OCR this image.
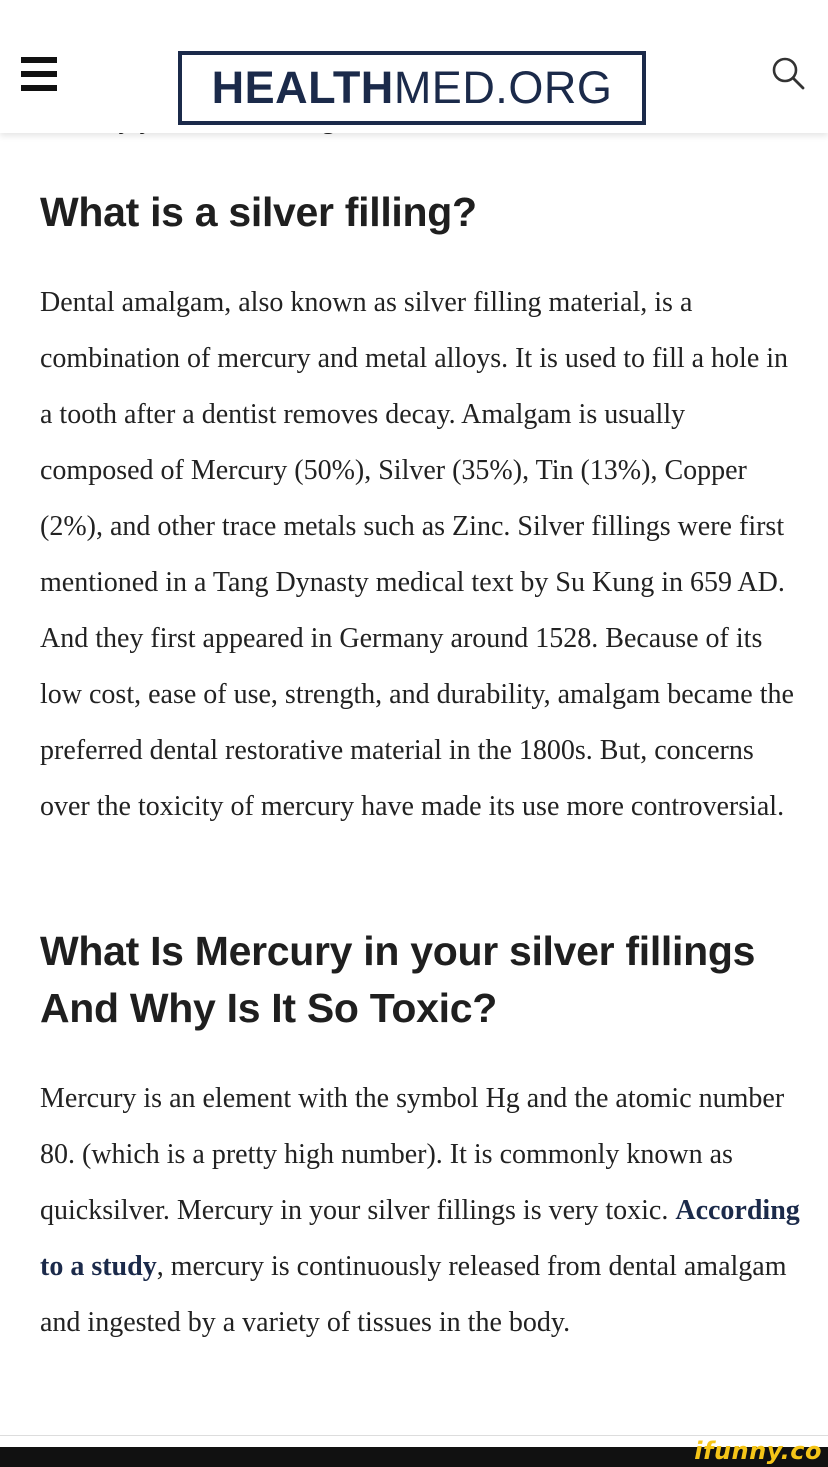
HEALTH MED.ORG
What is a silver filling?

Dental amalgam, also known as silver filling material, is a combination of mercury and metal alloys. It is used to fill a hole in a tooth after a dentist removes decay. Amalgam is usually composed of Mercury (50%), Silver (35%), Tin (13%), Copper (2%), and other trace metals such as Zinc. Silver fillings were first mentioned in a Tang Dynasty medical text by Su Kung in 659 AD. And they first appeared in Germany around 1528. Because of its low cost, ease of use, strength, and durability, amalgam became the preferred dental restorative material in the 1800s. But, concerns over the toxicity of mercury have made its use more controversial.

What Is Mercury in your silver fillings And Why Is It So Toxic?

Mercury is an element with the symbol Hg and the atomic number 80. (which is a pretty high number). It is commonly known as quicksilver. Mercury in your silver fillings is very toxic. According to a study, mercury is continuously released from dental amalgam and ingested by a variety of tissues in the body.

ifunny.co
